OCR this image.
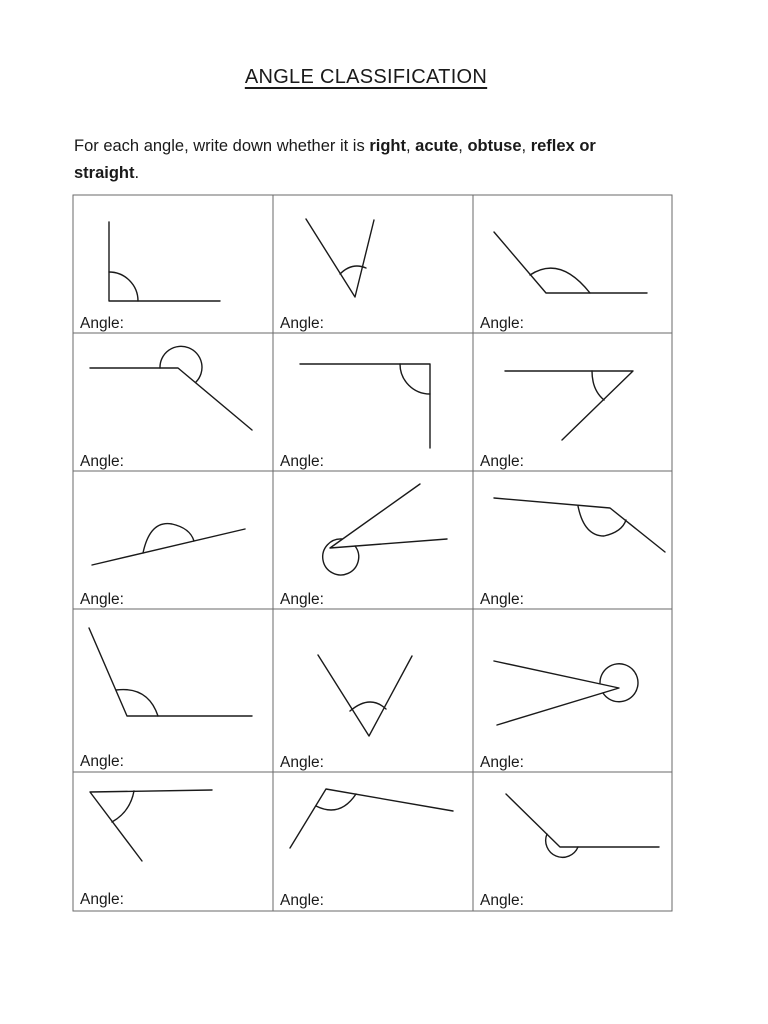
ANGLE CLASSIFICATION
For each angle, write down whether it is right, acute, obtuse, reflex or
straight.
Angle:	Angle:	Angle:
Angle:	Angle:	Angle:
Angle:	Angle:	Angle:
Angle:	Angle:	Angle:
Angle:	Angle:	Angle:
